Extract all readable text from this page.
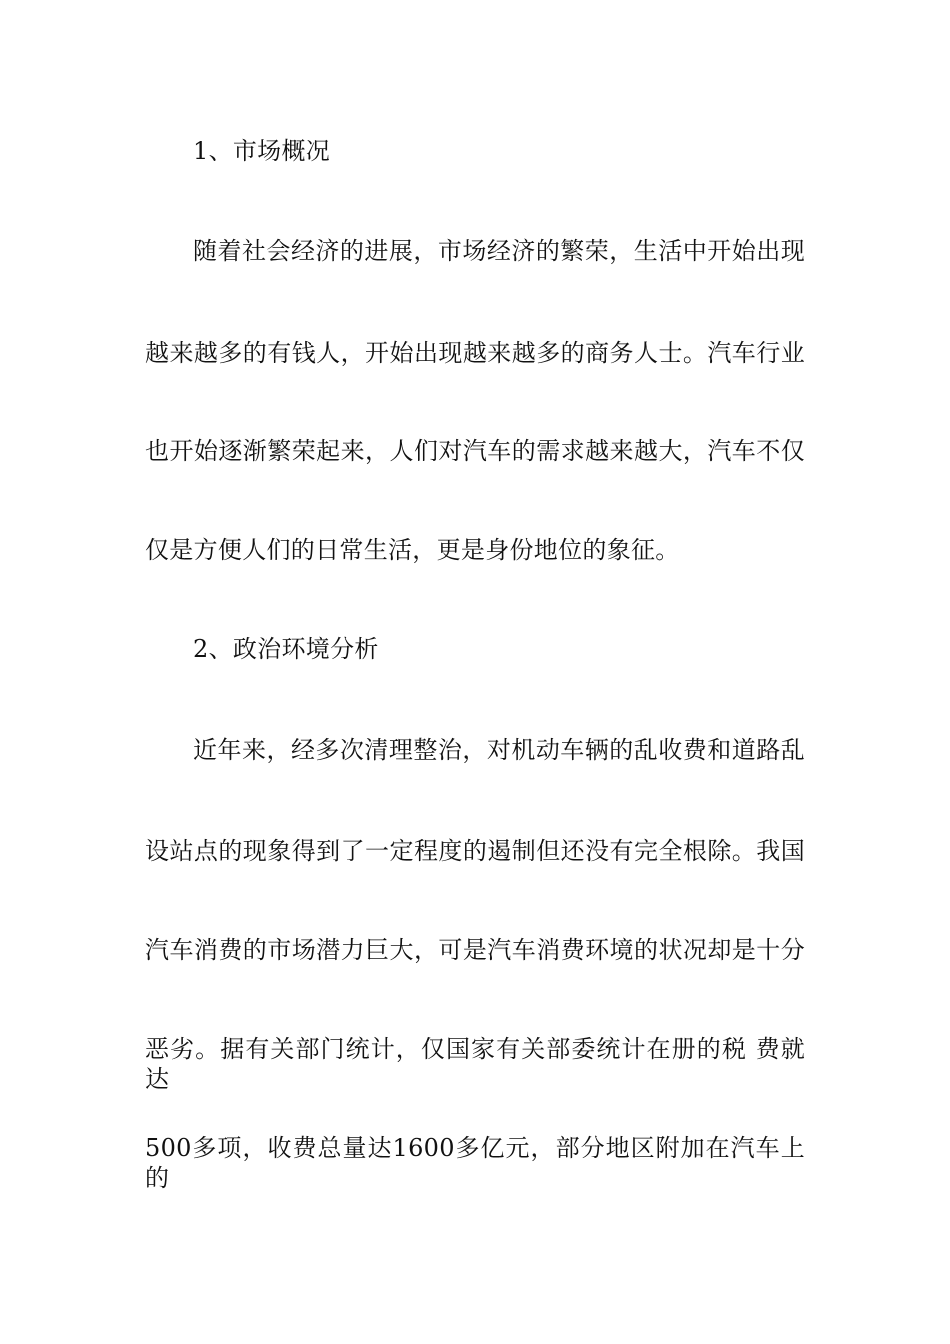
1、市场概况
随着社会经济的进展，市场经济的繁荣，生活中开始出现
越来越多的有钱人，开始出现越来越多的商务人士。汽车行业
也开始逐渐繁荣起来，人们对汽车的需求越来越大，汽车不仅
仅是方便人们的日常生活，更是身份地位的象征。
2、政治环境分析
近年来，经多次清理整治，对机动车辆的乱收费和道路乱
设站点的现象得到了一定程度的遏制但还没有完全根除。我国
汽车消费的市场潜力巨大，可是汽车消费环境的状况却是十分
恶劣。据有关部门统计，仅国家有关部委统计在册的税 费就达
500多项，收费总量达1600多亿元，部分地区附加在汽车上的
